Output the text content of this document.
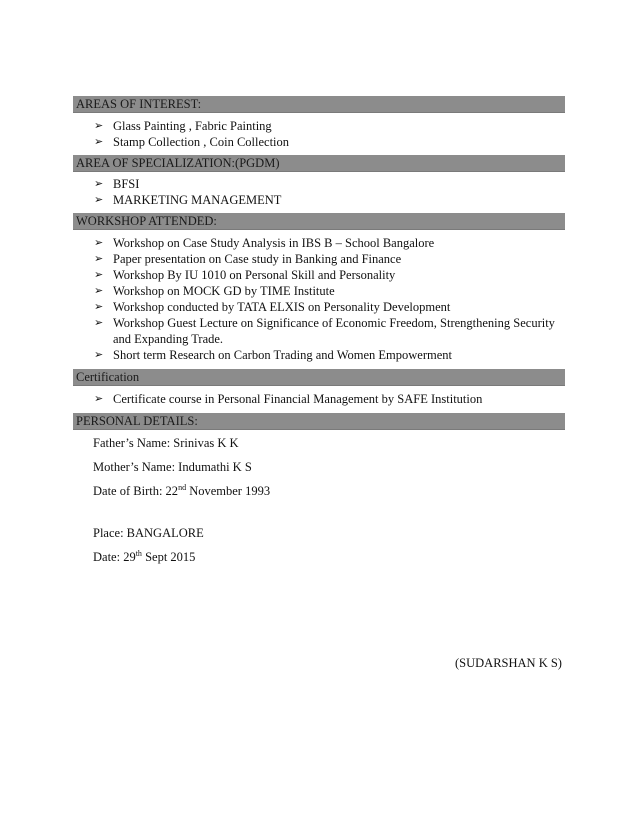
AREAS OF INTEREST:
➢ Glass Painting , Fabric Painting
➢ Stamp Collection , Coin Collection
AREA OF SPECIALIZATION:(PGDM)
➢ BFSI
➢ MARKETING MANAGEMENT
WORKSHOP ATTENDED:
➢ Workshop on Case Study Analysis in IBS B – School Bangalore
➢ Paper presentation on Case study in Banking and Finance
➢ Workshop By IU 1010 on Personal Skill and Personality
➢ Workshop on MOCK GD by TIME Institute
➢ Workshop conducted by TATA ELXIS on Personality Development
➢ Workshop Guest Lecture on Significance of Economic Freedom, Strengthening Security and Expanding Trade.
➢ Short term Research on Carbon Trading and Women Empowerment
Certification
➢ Certificate course in Personal Financial Management by SAFE Institution
PERSONAL DETAILS:
Father’s Name: Srinivas K K
Mother’s Name: Indumathi K S
Date of Birth: 22nd November 1993
Place: BANGALORE
Date: 29th Sept 2015
(SUDARSHAN K S)
